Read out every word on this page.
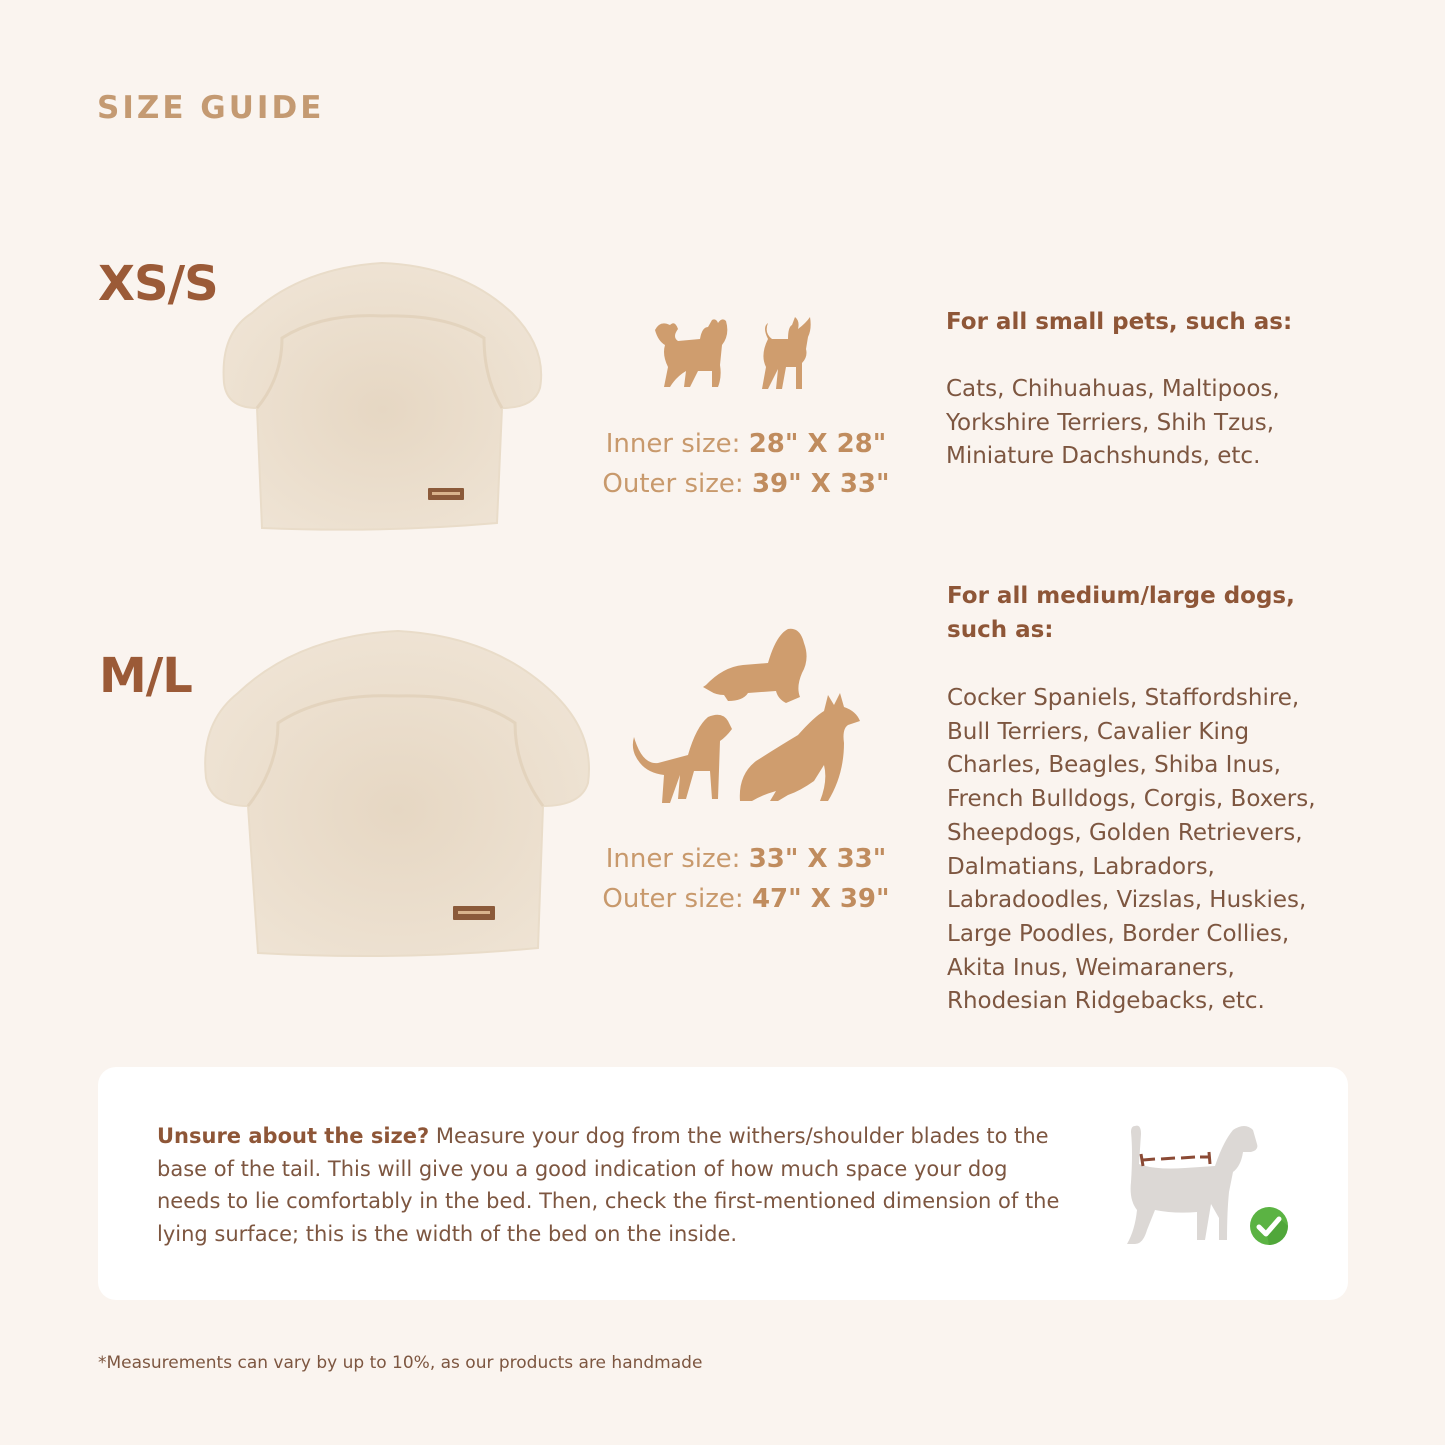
SIZE GUIDE
XS/S
Inner size: 28" X 28"
Outer size: 39" X 33"
For all small pets, such as:
Cats, Chihuahuas, Maltipoos,
Yorkshire Terriers, Shih Tzus,
Miniature Dachshunds, etc.
M/L
Inner size: 33" X 33"
Outer size: 47" X 39"
For all medium/large dogs,
such as:
Cocker Spaniels, Staffordshire,
Bull Terriers, Cavalier King
Charles, Beagles, Shiba Inus,
French Bulldogs, Corgis, Boxers,
Sheepdogs, Golden Retrievers,
Dalmatians, Labradors,
Labradoodles, Vizslas, Huskies,
Large Poodles, Border Collies,
Akita Inus, Weimaraners,
Rhodesian Ridgebacks, etc.
Unsure about the size? Measure your dog from the withers/shoulder blades to the base of the tail. This will give you a good indication of how much space your dog needs to lie comfortably in the bed. Then, check the first-mentioned dimension of the lying surface; this is the width of the bed on the inside.
*Measurements can vary by up to 10%, as our products are handmade
